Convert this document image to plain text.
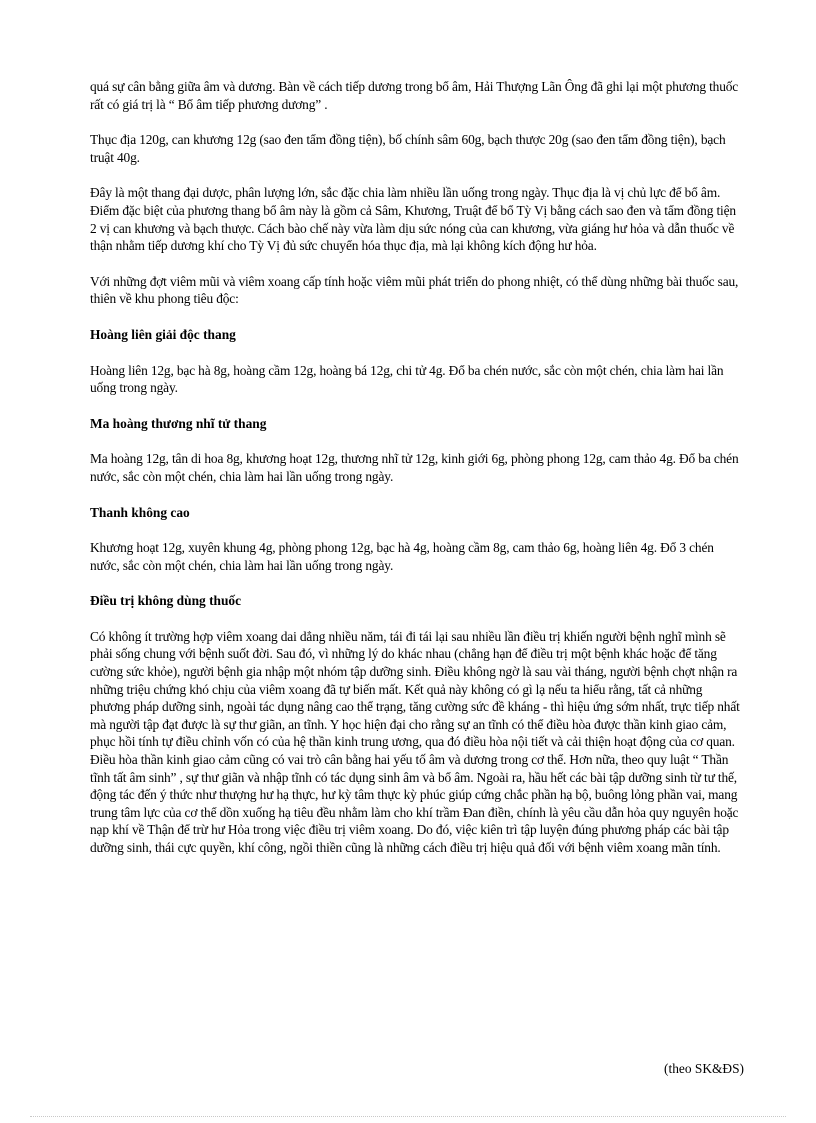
quá sự cân bằng giữa âm và dương. Bàn về cách tiếp dương trong bổ âm, Hải Thượng Lãn Ông đã ghi lại một phương thuốc rất có giá trị là “ Bổ âm tiếp phương dương” .

Thục địa 120g, can khương 12g (sao đen tẩm đồng tiện), bố chính sâm 60g, bạch thược 20g (sao đen tẩm đồng tiện), bạch truật 40g.

Đây là một thang đại dược, phân lượng lớn, sắc đặc chia làm nhiều lần uống trong ngày. Thục địa là vị chủ lực để bổ âm. Điểm đặc biệt của phương thang bổ âm này là gồm cả Sâm, Khương, Truật để bổ Tỳ Vị bằng cách sao đen và tẩm đồng tiện 2 vị can khương và bạch thược. Cách bào chế này vừa làm dịu sức nóng của can khương, vừa giáng hư hỏa và dẫn thuốc về thận nhằm tiếp dương khí cho Tỳ Vị đủ sức chuyển hóa thục địa, mà lại không kích động hư hỏa.

Với những đợt viêm mũi và viêm xoang cấp tính hoặc viêm mũi phát triển do phong nhiệt, có thể dùng những bài thuốc sau, thiên về khu phong tiêu độc:

Hoàng liên giải độc thang

Hoàng liên 12g, bạc hà 8g, hoàng cầm 12g, hoàng bá 12g, chi tử 4g. Đổ ba chén nước, sắc còn một chén, chia làm hai lần uống trong ngày.

Ma hoàng thương nhĩ tử thang

Ma hoàng 12g, tân di hoa 8g, khương hoạt 12g, thương nhĩ tử 12g, kinh giới 6g, phòng phong 12g, cam thảo 4g. Đổ ba chén nước, sắc còn một chén, chia làm hai lần uống trong ngày.

Thanh không cao

Khương hoạt 12g, xuyên khung 4g, phòng phong 12g, bạc hà 4g, hoàng cầm 8g, cam thảo 6g, hoàng liên 4g. Đổ 3 chén nước, sắc còn một chén, chia làm hai lần uống trong ngày.

Điều trị không dùng thuốc

Có không ít trường hợp viêm xoang dai dẳng nhiều năm, tái đi tái lại sau nhiều lần điều trị khiến người bệnh nghĩ mình sẽ phải sống chung với bệnh suốt đời. Sau đó, vì những lý do khác nhau (chẳng hạn để điều trị một bệnh khác hoặc để tăng cường sức khỏe), người bệnh gia nhập một nhóm tập dưỡng sinh. Điều không ngờ là sau vài tháng, người bệnh chợt nhận ra những triệu chứng khó chịu của viêm xoang đã tự biến mất. Kết quả này không có gì lạ nếu ta hiểu rằng, tất cả những phương pháp dưỡng sinh, ngoài tác dụng nâng cao thể trạng, tăng cường sức đề kháng - thì hiệu ứng sớm nhất, trực tiếp nhất mà người tập đạt được là sự thư giãn, an tĩnh. Y học hiện đại cho rằng sự an tĩnh có thể điều hòa được thần kinh giao cảm, phục hồi tính tự điều chỉnh vốn có của hệ thần kinh trung ương, qua đó điều hòa nội tiết và cải thiện hoạt động của cơ quan. Điều hòa thần kinh giao cảm cũng có vai trò cân bằng hai yếu tố âm và dương trong cơ thể. Hơn nữa, theo quy luật “ Thần tĩnh tất âm sinh” , sự thư giãn và nhập tĩnh có tác dụng sinh âm và bổ âm. Ngoài ra, hầu hết các bài tập dưỡng sinh từ tư thế, động tác đến ý thức như thượng hư hạ thực, hư kỳ tâm thực kỳ phúc giúp cứng chắc phần hạ bộ, buông lỏng phần vai, mang trung tâm lực của cơ thể dồn xuống hạ tiêu đều nhằm làm cho khí trầm Đan điền, chính là yêu cầu dẫn hỏa quy nguyên hoặc nạp khí về Thận để trừ hư Hỏa trong việc điều trị viêm xoang. Do đó, việc kiên trì tập luyện đúng phương pháp các bài tập dưỡng sinh, thái cực quyền, khí công, ngồi thiền cũng là những cách điều trị hiệu quả đối với bệnh viêm xoang mãn tính.

(theo SK&ĐS)
